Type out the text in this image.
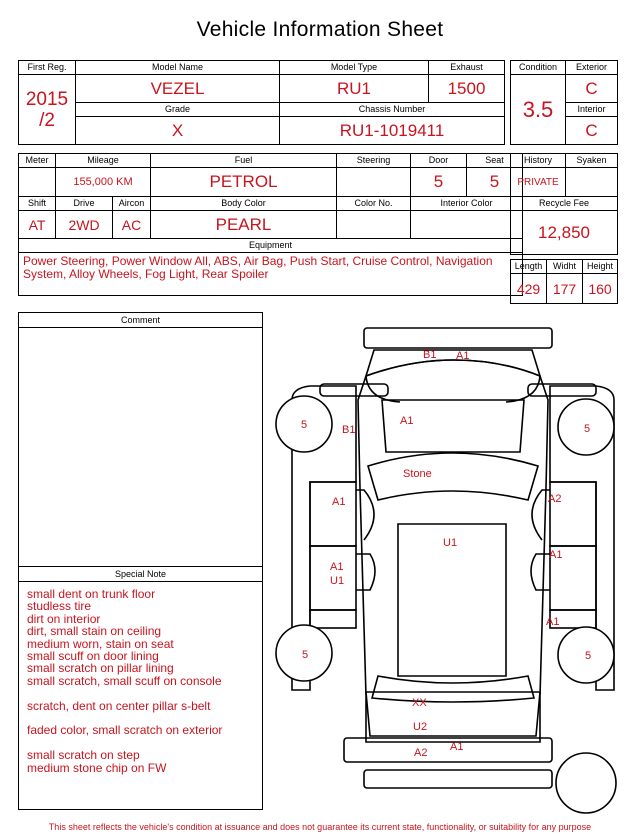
Vehicle Information Sheet
First Reg.	Model Name	Model Type	Exhaust

2015
/2	VEZEL	RU1	1500
	Grade	Chassis Number	
	X	RU1-1019411	
Condition	Exterior
3.5	C
	Interior
	C
Meter	Mileage		Fuel	Steering	Door	Seat
	155,000 KM		PETROL		5	5
Shift	Drive	Aircon	Body Color	Color No.	Interior Color	
AT	2WD	AC	PEARL			
Equipment						
Power Steering, Power Window All, ABS, Air Bag, Push Start, Cruise Control, Navigation System, Alloy Wheels, Fog Light, Rear Spoiler						
History	Syaken
PRIVATE	
Recycle Fee	
12,850	
Length	Widht	Height
429	177	160
Comment
Special Note
small dent on trunk floor
studless tire
dirt on interior
dirt, small stain on ceiling
medium worn, stain on seat
small scuff on door lining
small scratch on pillar lining
small scratch, small scuff on console
scratch, dent on center pillar s-belt
faded color, small scratch on exterior
small scratch on step
medium stone chip on FW
B1 A1
5	5
B1
A1
Stone
A1	A2
U1
A1
U1
A1
A1
5	5
XX
U2
A2 A1
This sheet reflects the vehicle's condition at issuance and does not guarantee its current state, functionality, or suitability for any purpose
